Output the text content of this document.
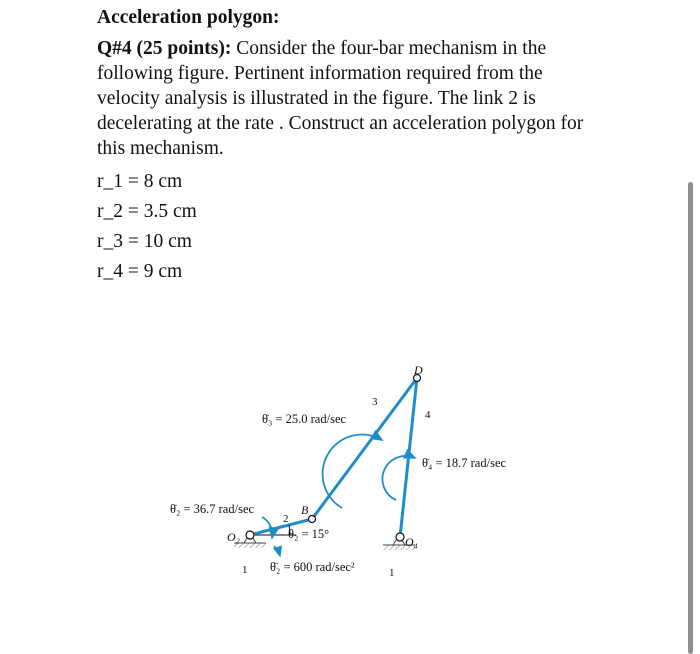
Acceleration polygon:

Q#4 (25 points): Consider the four-bar mechanism in the following figure. Pertinent information required from the velocity analysis is illustrated in the figure. The link 2 is decelerating at the rate . Construct an acceleration polygon for this mechanism.

r_1 = 8 cm
r_2 = 3.5 cm
r_3 = 10 cm
r_4 = 9 cm
θ̇₃ = 25.0 rad/sec
θ̇₄ = 18.7 rad/sec
θ̇₂ = 36.7 rad/sec
θ₂ = 15°
θ̈₂ = 600 rad/sec²
D
B
O₂	O₄
3
4
2
1	1
